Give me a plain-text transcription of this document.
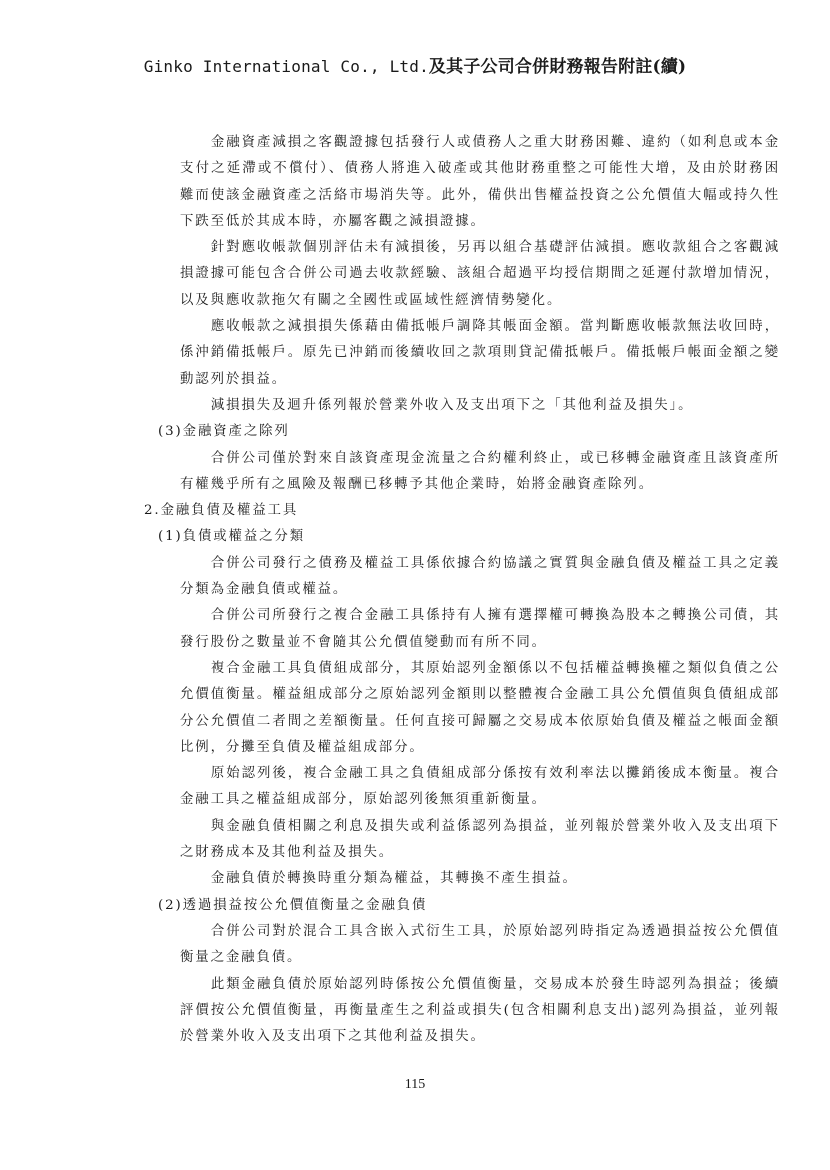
Ginko International Co., Ltd.及其子公司合併財務報告附註(續)

金融資產減損之客觀證據包括發行人或債務人之重大財務困難、違約（如利息或本金支付之延滯或不償付）、債務人將進入破產或其他財務重整之可能性大增，及由於財務困難而使該金融資產之活絡市場消失等。此外，備供出售權益投資之公允價值大幅或持久性下跌至低於其成本時，亦屬客觀之減損證據。

針對應收帳款個別評估未有減損後，另再以組合基礎評估減損。應收款組合之客觀減損證據可能包含合併公司過去收款經驗、該組合超過平均授信期間之延遲付款增加情況，以及與應收款拖欠有關之全國性或區域性經濟情勢變化。

應收帳款之減損損失係藉由備抵帳戶調降其帳面金額。當判斷應收帳款無法收回時，係沖銷備抵帳戶。原先已沖銷而後續收回之款項則貸記備抵帳戶。備抵帳戶帳面金額之變動認列於損益。

減損損失及迴升係列報於營業外收入及支出項下之「其他利益及損失」。

(3)金融資產之除列

合併公司僅於對來自該資產現金流量之合約權利終止，或已移轉金融資產且該資產所有權幾乎所有之風險及報酬已移轉予其他企業時，始將金融資產除列。

2.金融負債及權益工具

(1)負債或權益之分類

合併公司發行之債務及權益工具係依據合約協議之實質與金融負債及權益工具之定義分類為金融負債或權益。

合併公司所發行之複合金融工具係持有人擁有選擇權可轉換為股本之轉換公司債，其發行股份之數量並不會隨其公允價值變動而有所不同。

複合金融工具負債組成部分，其原始認列金額係以不包括權益轉換權之類似負債之公允價值衡量。權益組成部分之原始認列金額則以整體複合金融工具公允價值與負債組成部分公允價值二者間之差額衡量。任何直接可歸屬之交易成本依原始負債及權益之帳面金額比例，分攤至負債及權益組成部分。

原始認列後，複合金融工具之負債組成部分係按有效利率法以攤銷後成本衡量。複合金融工具之權益組成部分，原始認列後無須重新衡量。

與金融負債相關之利息及損失或利益係認列為損益，並列報於營業外收入及支出項下之財務成本及其他利益及損失。

金融負債於轉換時重分類為權益，其轉換不產生損益。

(2)透過損益按公允價值衡量之金融負債

合併公司對於混合工具含嵌入式衍生工具，於原始認列時指定為透過損益按公允價值衡量之金融負債。

此類金融負債於原始認列時係按公允價值衡量，交易成本於發生時認列為損益；後續評價按公允價值衡量，再衡量產生之利益或損失(包含相關利息支出)認列為損益，並列報於營業外收入及支出項下之其他利益及損失。

115
